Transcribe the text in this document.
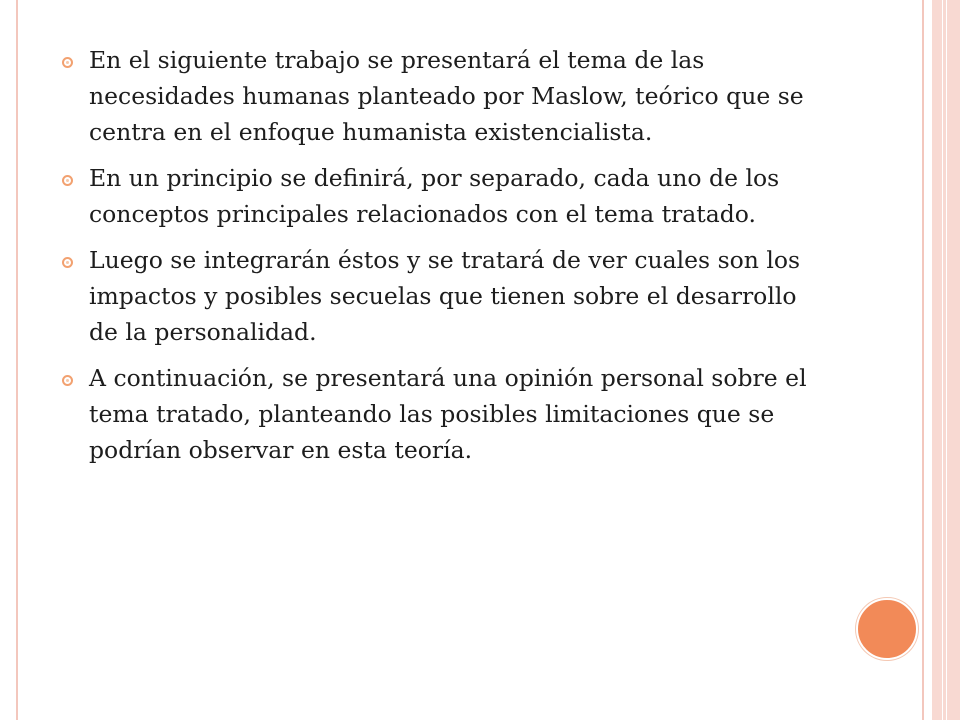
En el siguiente trabajo se presentará el tema de las necesidades humanas planteado por Maslow, teórico que se centra en el enfoque humanista existencialista.
En un principio se definirá, por separado, cada uno de los conceptos principales relacionados con el tema tratado.
Luego se integrarán éstos y se tratará de ver cuales son los impactos y posibles secuelas que tienen sobre el desarrollo de la personalidad.
A continuación, se presentará una opinión personal sobre el tema tratado, planteando las posibles limitaciones que se podrían observar en esta teoría.
